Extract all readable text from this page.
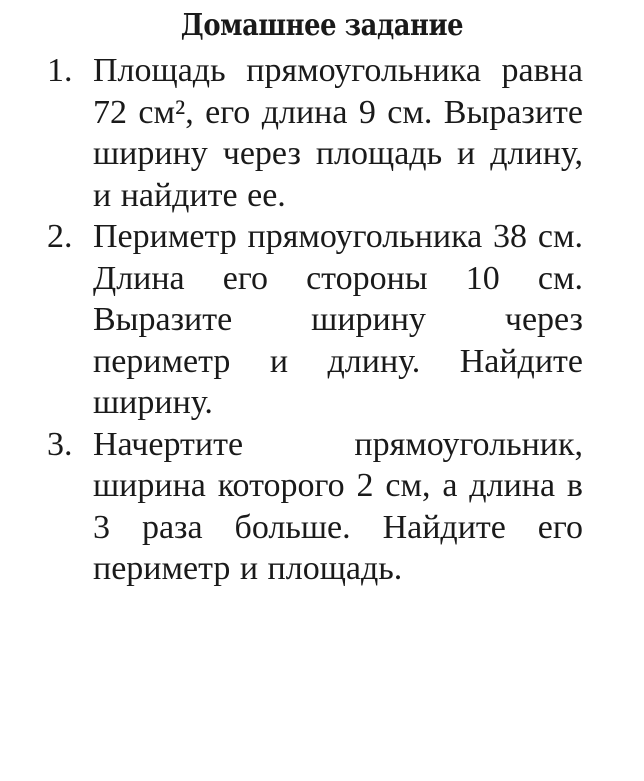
Домашнее задание
1. Площадь прямоугольника равна 72 см², его длина 9 см. Выразите ширину через площадь и длину, и найдите ее.
2. Периметр прямоугольника 38 см. Длина его стороны 10 см. Выразите ширину через периметр и длину. Найдите ширину.
3. Начертите прямоугольник, ширина которого 2 см, а длина в 3 раза больше. Найдите его периметр и площадь.
